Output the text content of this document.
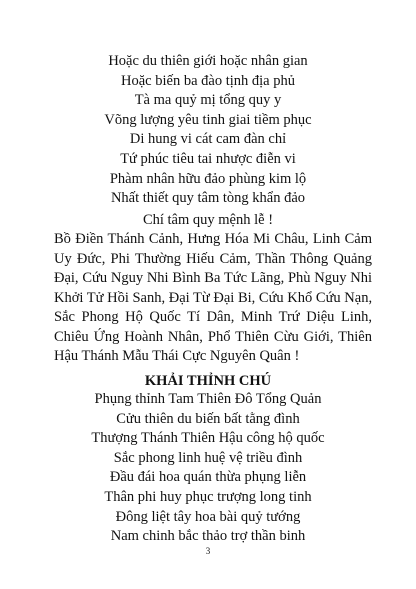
Hoặc du thiên giới hoặc nhân gian
Hoặc biến ba đào tịnh địa phủ
Tà ma quỷ mị tổng quy y
Võng lượng yêu tinh giai tiềm phục
Di hung vi cát cam đàn chỉ
Tứ phúc tiêu tai nhược điễn vi
Phàm nhân hữu đảo phùng kim lộ
Nhất thiết quy tâm tòng khẩn đảo
Chí tâm quy mệnh lễ !
Bồ Điền Thánh Cảnh, Hưng Hóa Mi Châu, Linh Cảm
Uy Đức, Phi Thường Hiếu Cảm, Thần Thông Quảng
Đại, Cứu Nguy Nhi Bình Ba Tức Lãng, Phù Nguy Nhi
Khởi Tử Hồi Sanh, Đại Từ Đại Bi, Cứu Khổ Cứu Nạn,
Sắc Phong Hộ Quốc Tí Dân, Minh Trứ Diệu Linh,
Chiêu Ứng Hoành Nhân, Phổ Thiên Cừu Giới, Thiên
Hậu Thánh Mẫu Thái Cực Nguyên Quân !
KHẢI THỈNH CHÚ
Phụng thỉnh Tam Thiên Đô Tổng Quản
Cửu thiên du biến bất tằng đình
Thượng Thánh Thiên Hậu công hộ quốc
Sắc phong linh huệ vệ triều đình
Đầu đái hoa quán thừa phụng liễn
Thân phi huy phục trượng long tinh
Đông liệt tây hoa bài quỷ tướng
Nam chinh bắc thảo trợ thần binh
3
